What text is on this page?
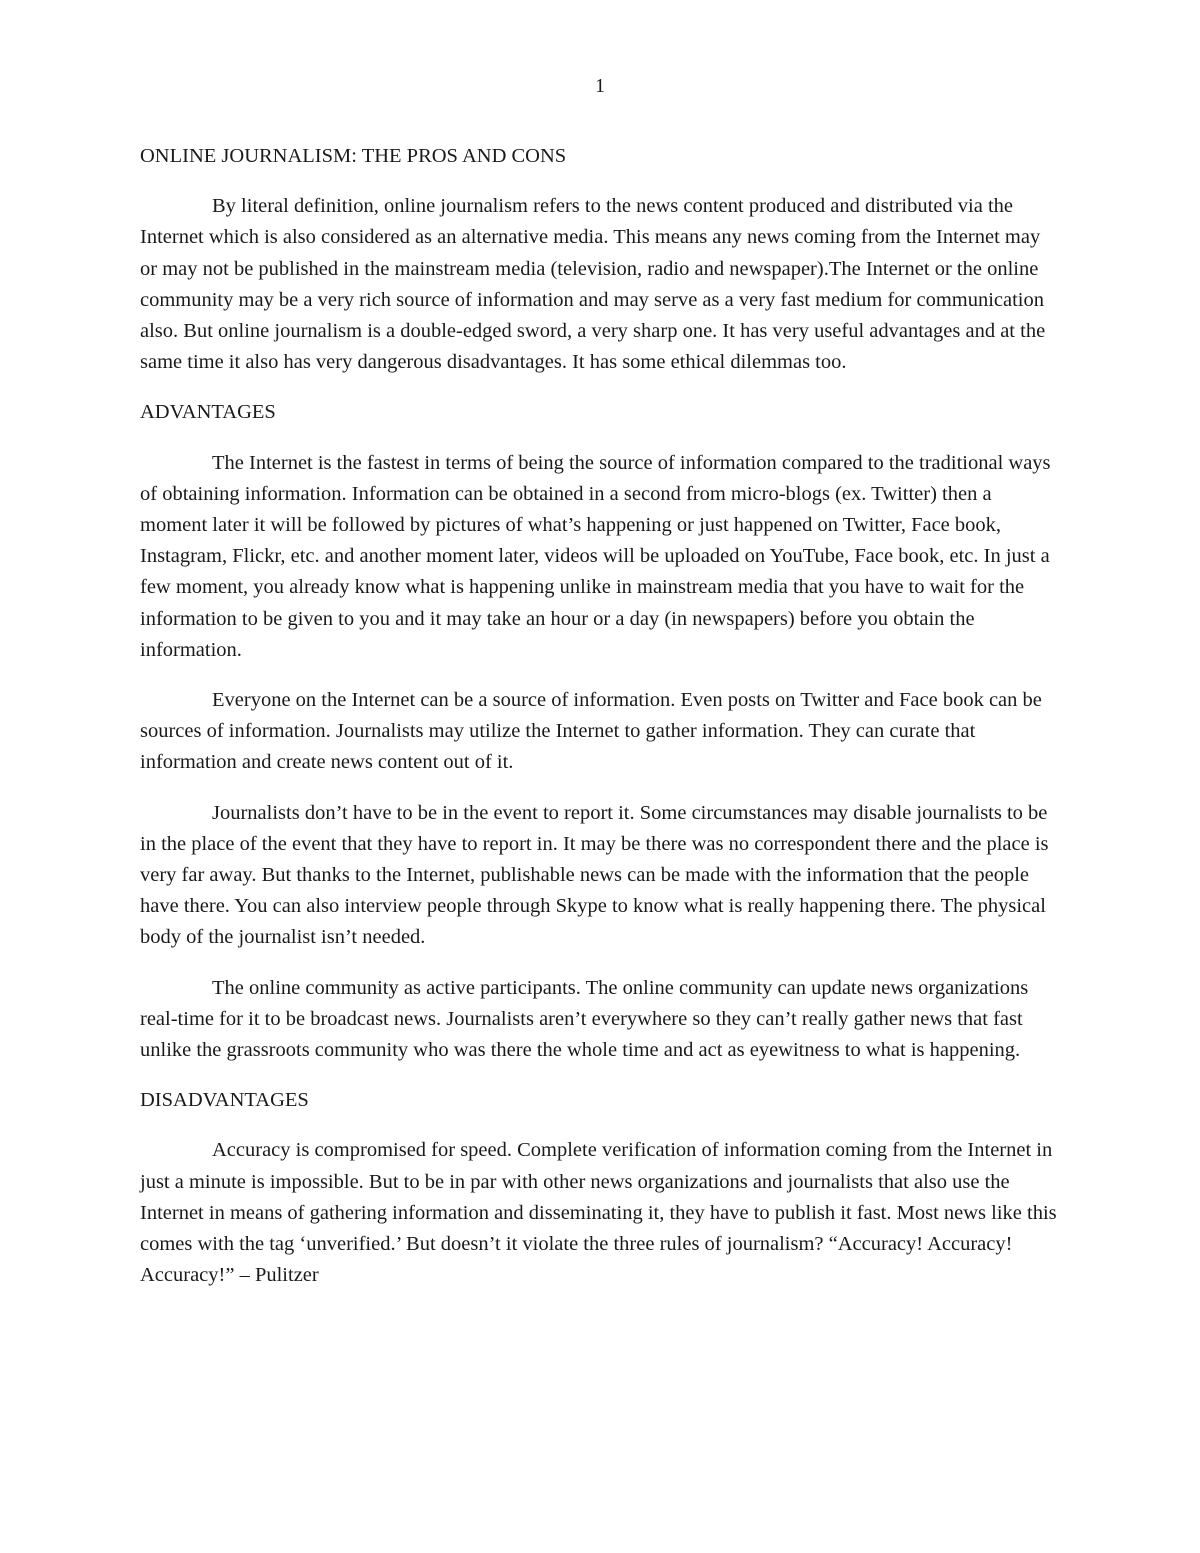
1

ONLINE JOURNALISM: THE PROS AND CONS

By literal definition, online journalism refers to the news content produced and distributed via the Internet which is also considered as an alternative media. This means any news coming from the Internet may or may not be published in the mainstream media (television, radio and newspaper).The Internet or the online community may be a very rich source of information and may serve as a very fast medium for communication also. But online journalism is a double-edged sword, a very sharp one. It has very useful advantages and at the same time it also has very dangerous disadvantages. It has some ethical dilemmas too.

ADVANTAGES

The Internet is the fastest in terms of being the source of information compared to the traditional ways of obtaining information. Information can be obtained in a second from micro-blogs (ex. Twitter) then a moment later it will be followed by pictures of what’s happening or just happened on Twitter, Face book, Instagram, Flickr, etc. and another moment later, videos will be uploaded on YouTube, Face book, etc. In just a few moment, you already know what is happening unlike in mainstream media that you have to wait for the information to be given to you and it may take an hour or a day (in newspapers) before you obtain the information.

Everyone on the Internet can be a source of information. Even posts on Twitter and Face book can be sources of information. Journalists may utilize the Internet to gather information. They can curate that information and create news content out of it.

Journalists don’t have to be in the event to report it. Some circumstances may disable journalists to be in the place of the event that they have to report in. It may be there was no correspondent there and the place is very far away. But thanks to the Internet, publishable news can be made with the information that the people have there. You can also interview people through Skype to know what is really happening there. The physical body of the journalist isn’t needed.

The online community as active participants. The online community can update news organizations real-time for it to be broadcast news. Journalists aren’t everywhere so they can’t really gather news that fast unlike the grassroots community who was there the whole time and act as eyewitness to what is happening.

DISADVANTAGES

Accuracy is compromised for speed. Complete verification of information coming from the Internet in just a minute is impossible. But to be in par with other news organizations and journalists that also use the Internet in means of gathering information and disseminating it, they have to publish it fast. Most news like this comes with the tag ‘unverified.’ But doesn’t it violate the three rules of journalism? “Accuracy! Accuracy! Accuracy!” – Pulitzer
